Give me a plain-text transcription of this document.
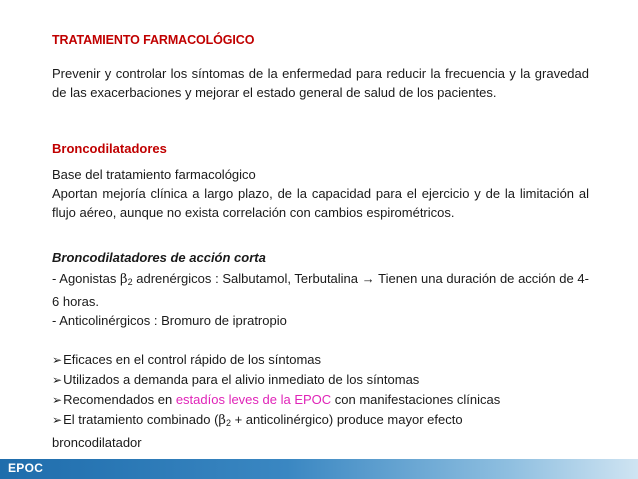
TRATAMIENTO FARMACOLÓGICO
Prevenir y controlar los síntomas de la enfermedad para reducir la frecuencia y la gravedad de las exacerbaciones y mejorar el estado general de salud de los pacientes.
Broncodilatadores
Base del tratamiento farmacológico
Aportan mejoría clínica a largo plazo, de la capacidad para el ejercicio y de la limitación al flujo aéreo, aunque no exista correlación con cambios espirométricos.
Broncodilatadores de acción corta
- Agonistas β2 adrenérgicos : Salbutamol, Terbutalina → Tienen una duración de acción de 4-6 horas.
- Anticolinérgicos : Bromuro de ipratropio
➢Eficaces en el control rápido de los síntomas
➢Utilizados a demanda para el alivio inmediato de los síntomas
➢Recomendados en estadíos leves de la EPOC con manifestaciones clínicas
➢El tratamiento combinado (β2 + anticolinérgico) produce mayor efecto
broncodilatador
EPOC
